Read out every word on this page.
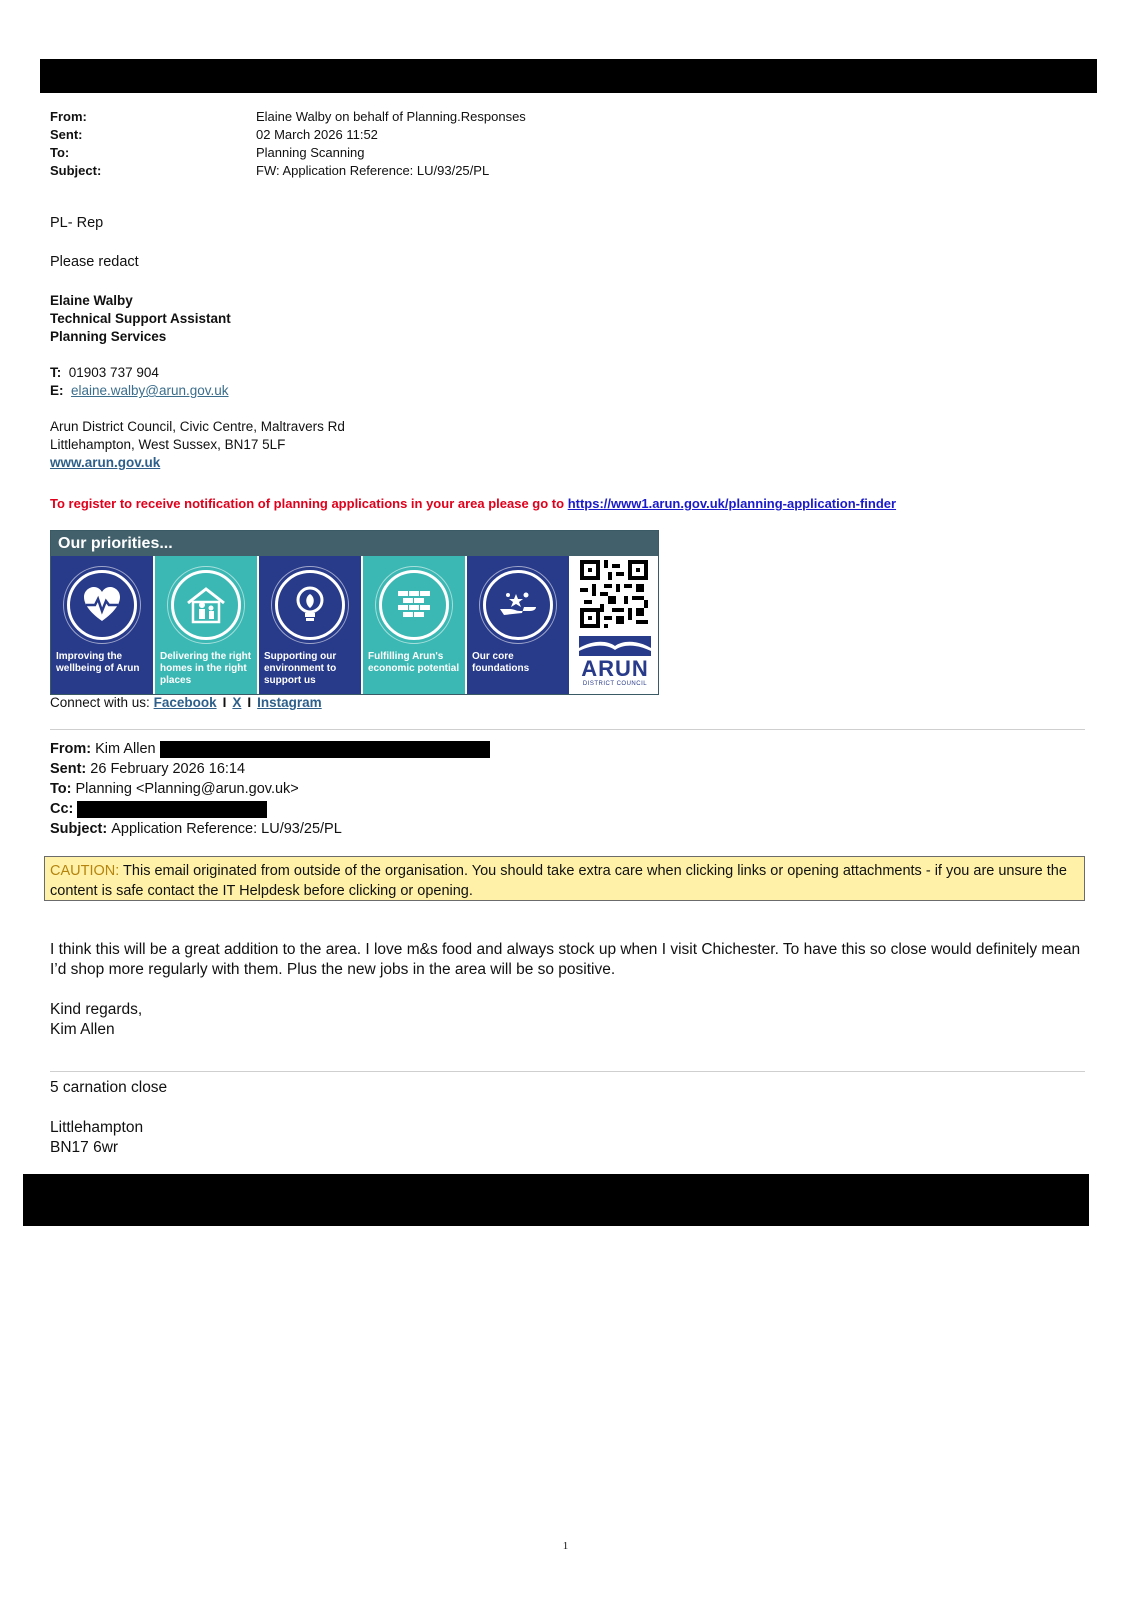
From:	Elaine Walby on behalf of Planning.Responses
Sent:	02 March 2026 11:52
To:	Planning Scanning
Subject:	FW: Application Reference: LU/93/25/PL
PL- Rep
Please redact
Elaine Walby
Technical Support Assistant
Planning Services
T: 01903 737 904
E: elaine.walby@arun.gov.uk
Arun District Council, Civic Centre, Maltravers Rd
Littlehampton, West Sussex, BN17 5LF
www.arun.gov.uk
To register to receive notification of planning applications in your area please go to https://www1.arun.gov.uk/planning-application-finder
Our priorities...
Improving the wellbeing of Arun
Delivering the right homes in the right places
Supporting our environment to support us
Fulfilling Arun's economic potential
Our core foundations	ARUN
DISTRICT COUNCIL
Connect with us: Facebook I X I Instagram
From:
Kim Allen

Sent:
26 February 2026 16:14
To:
Planning <Planning@arun.gov.uk>
Cc:

Subject:
Application Reference: LU/93/25/PL
CAUTION: This email originated from outside of the organisation. You should take extra care when clicking links or opening attachments - if you are unsure the content is safe contact the IT Helpdesk before clicking or opening.
I think this will be a great addition to the area. I love m&s food and always stock up when I visit Chichester. To have this so close would definitely mean I’d shop more regularly with them. Plus the new jobs in the area will be so positive.
Kind regards,
Kim Allen
5 carnation close
Littlehampton
BN17 6wr
1
